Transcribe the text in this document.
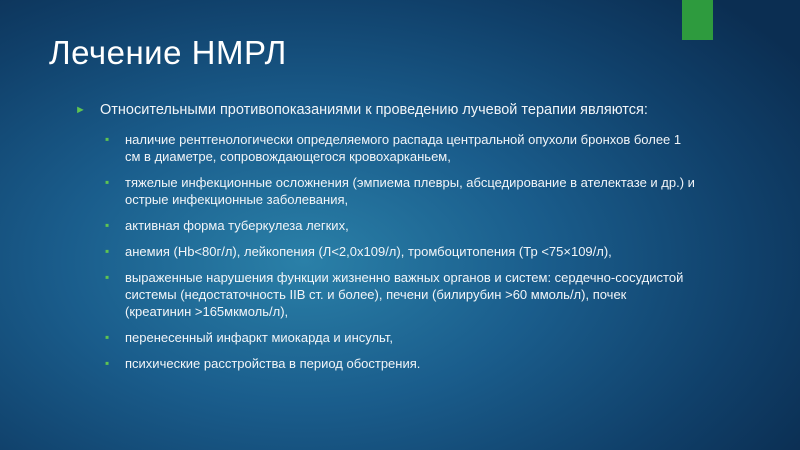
Лечение НМРЛ
► Относительными противопоказаниями к проведению лучевой терапии являются:
▪ наличие рентгенологически определяемого распада центральной опухоли бронхов более 1 см в диаметре, сопровождающегося кровохарканьем,
▪ тяжелые инфекционные осложнения (эмпиема плевры, абсцедирование в ателектазе и др.) и острые инфекционные заболевания,
▪ активная форма туберкулеза легких,
▪ анемия (Hb<80г/л), лейкопения (Л<2,0x109/л), тромбоцитопения (Тр <75×109/л),
▪ выраженные нарушения функции жизненно важных органов и систем: сердечно-сосудистой системы (недостаточность IIB ст. и более), печени (билирубин >60 ммоль/л), почек (креатинин >165мкмоль/л),
▪ перенесенный инфаркт миокарда и инсульт,
▪ психические расстройства в период обострения.
